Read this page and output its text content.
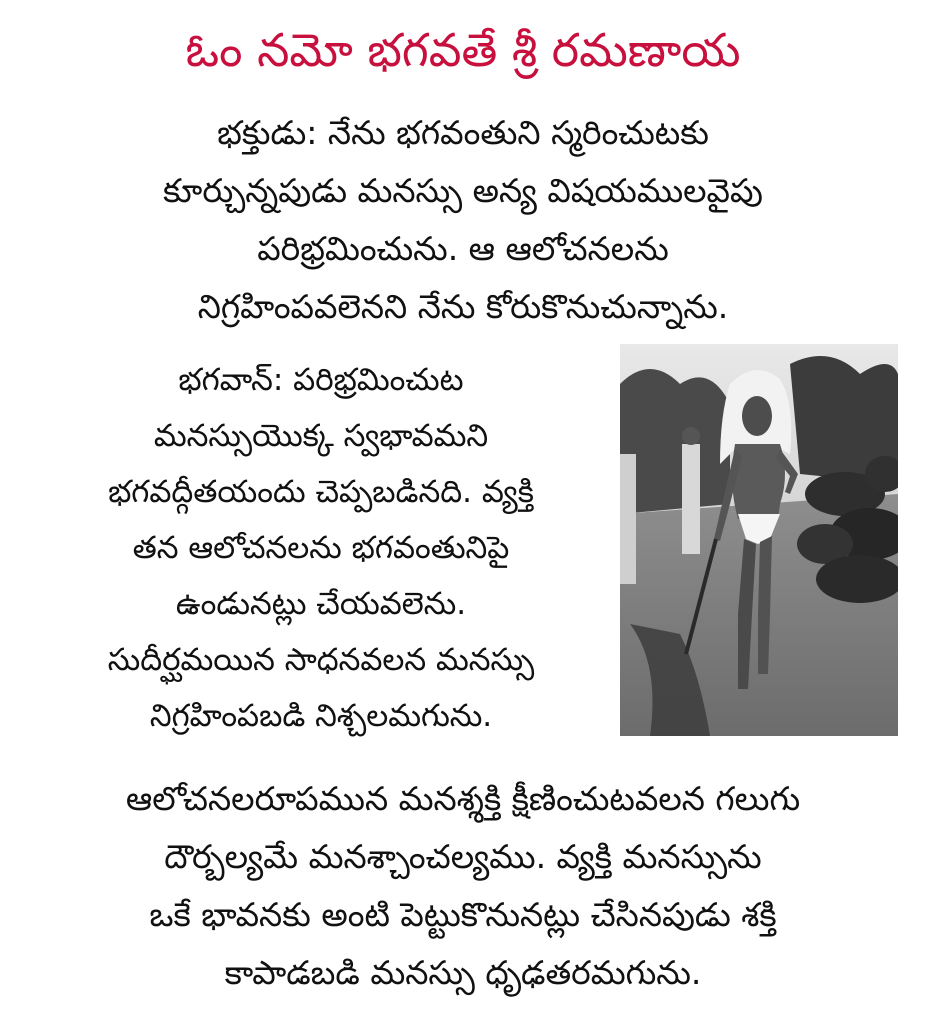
ఓం నమో భగవతే శ్రీ రమణాయ
భక్తుడు: నేను భగవంతుని స్మరించుటకు
కూర్చున్నపుడు మనస్సు అన్య విషయములవైపు
పరిభ్రమించును. ఆ ఆలోచనలను
నిగ్రహింపవలెనని నేను కోరుకొనుచున్నాను.
భగవాన్: పరిభ్రమించుట
మనస్సుయొక్క స్వభావమని
భగవద్గీతయందు చెప్పబడినది. వ్యక్తి
తన ఆలోచనలను భగవంతునిపై
ఉండునట్లు చేయవలెను.
సుదీర్ఘమయిన సాధనవలన మనస్సు
నిగ్రహింపబడి నిశ్చలమగును.
ఆలోచనలరూపమున మనశ్శక్తి క్షీణించుటవలన గలుగు
దౌర్బల్యమే మనశ్చాంచల్యము. వ్యక్తి మనస్సును
ఒకే భావనకు అంటి పెట్టుకొనునట్లు చేసినపుడు శక్తి
కాపాడబడి మనస్సు ధృఢతరమగును.
